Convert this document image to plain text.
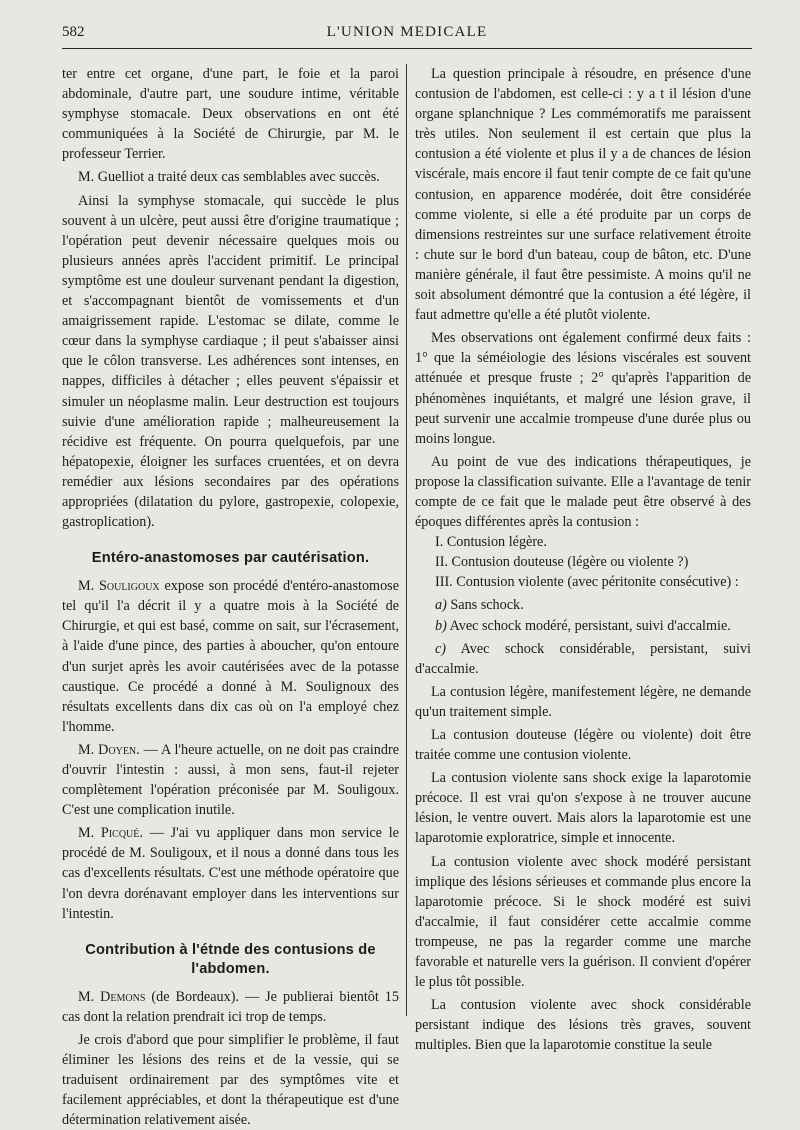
582	L'UNION MEDICALE

ter entre cet organe, d'une part, le foie et la paroi abdominale, d'autre part, une soudure intime, véritable symphyse stomacale. Deux observations en ont été communiquées à la Société de Chirurgie, par M. le professeur Terrier.

M. Guelliot a traité deux cas semblables avec succès.

Ainsi la symphyse stomacale, qui succède le plus souvent à un ulcère, peut aussi être d'origine traumatique ; l'opération peut devenir nécessaire quelques mois ou plusieurs années après l'accident primitif. Le principal symptôme est une douleur survenant pendant la digestion, et s'accompagnant bientôt de vomissements et d'un amaigrissement rapide. L'estomac se dilate, comme le cœur dans la symphyse cardiaque ; il peut s'abaisser ainsi que le côlon transverse. Les adhérences sont intenses, en nappes, difficiles à détacher ; elles peuvent s'épaissir et simuler un néoplasme malin. Leur destruction est toujours suivie d'une amélioration rapide ; malheureusement la récidive est fréquente. On pourra quelquefois, par une hépatopexie, éloigner les surfaces cruentées, et on devra remédier aux lésions secondaires par des opérations appropriées (dilatation du pylore, gastropexie, colopexie, gastroplication).

Entéro-anastomoses par cautérisation.

M. Souligoux expose son procédé d'entéro-anastomose tel qu'il l'a décrit il y a quatre mois à la Société de Chirurgie, et qui est basé, comme on sait, sur l'écrasement, à l'aide d'une pince, des parties à aboucher, qu'on entoure d'un surjet après les avoir cautérisées avec de la potasse caustique. Ce procédé a donné à M. Soulignoux des résultats excellents dans dix cas où on l'a employé chez l'homme.

M. Doyen. — A l'heure actuelle, on ne doit pas craindre d'ouvrir l'intestin : aussi, à mon sens, faut-il rejeter complètement l'opération préconisée par M. Souligoux. C'est une complication inutile.

M. Picqué. — J'ai vu appliquer dans mon service le procédé de M. Souligoux, et il nous a donné dans tous les cas d'excellents résultats. C'est une méthode opératoire que l'on devra dorénavant employer dans les interventions sur l'intestin.

Contribution à l'étnde des contusions de l'abdomen.

M. Demons (de Bordeaux). — Je publierai bientôt 15 cas dont la relation prendrait ici trop de temps.

Je crois d'abord que pour simplifier le problème, il faut éliminer les lésions des reins et de la vessie, qui se traduisent ordinairement par des symptômes vite et facilement appréciables, et dont la thérapeutique est d'une détermination relativement aisée.

La question principale à résoudre, en présence d'une contusion de l'abdomen, est celle-ci : y a t il lésion d'une organe splanchnique ? Les commémoratifs me paraissent très utiles. Non seulement il est certain que plus la contusion a été violente et plus il y a de chances de lésion viscérale, mais encore il faut tenir compte de ce fait qu'une contusion, en apparence modérée, doit être considérée comme violente, si elle a été produite par un corps de dimensions restreintes sur une surface relativement étroite : chute sur le bord d'un bateau, coup de bâton, etc. D'une manière générale, il faut être pessimiste. A moins qu'il ne soit absolument démontré que la contusion a été légère, il faut admettre qu'elle a été plutôt violente.

Mes observations ont également confirmé deux faits : 1° que la séméiologie des lésions viscérales est souvent atténuée et presque fruste ; 2° qu'après l'apparition de phénomènes inquiétants, et malgré une lésion grave, il peut survenir une accalmie trompeuse d'une durée plus ou moins longue.

Au point de vue des indications thérapeutiques, je propose la classification suivante. Elle a l'avantage de tenir compte de ce fait que le malade peut être observé à des époques différentes après la contusion :

I. Contusion légère.

II. Contusion douteuse (légère ou violente ?)

III. Contusion violente (avec péritonite consécutive) :

a) Sans schock.

b) Avec schock modéré, persistant, suivi d'accalmie.

c) Avec schock considérable, persistant, suivi d'accalmie.

La contusion légère, manifestement légère, ne demande qu'un traitement simple.

La contusion douteuse (légère ou violente) doit être traitée comme une contusion violente.

La contusion violente sans shock exige la laparotomie précoce. Il est vrai qu'on s'expose à ne trouver aucune lésion, le ventre ouvert. Mais alors la laparotomie est une laparotomie exploratrice, simple et innocente.

La contusion violente avec shock modéré persistant implique des lésions sérieuses et commande plus encore la laparotomie précoce. Si le shock modéré est suivi d'accalmie, il faut considérer cette accalmie comme trompeuse, ne pas la regarder comme une marche favorable et naturelle vers la guérison. Il convient d'opérer le plus tôt possible.

La contusion violente avec shock considérable persistant indique des lésions très graves, souvent multiples. Bien que la laparotomie constitue la seule
